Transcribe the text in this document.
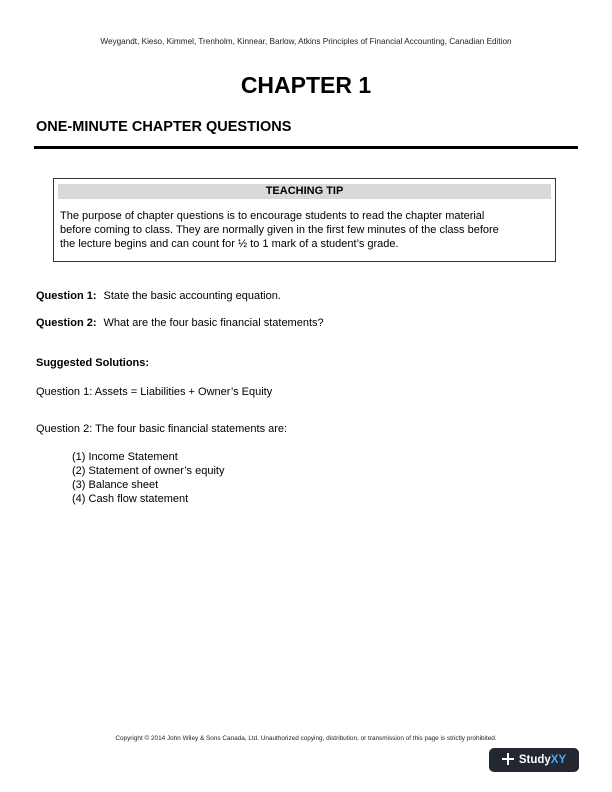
Weygandt, Kieso, Kimmel, Trenholm, Kinnear, Barlow, Atkins Principles of Financial Accounting, Canadian Edition
CHAPTER 1
ONE-MINUTE CHAPTER QUESTIONS
TEACHING TIP
The purpose of chapter questions is to encourage students to read the chapter material
before coming to class. They are normally given in the first few minutes of the class before
the lecture begins and can count for ½ to 1 mark of a student’s grade.
Question 1: State the basic accounting equation.
Question 2: What are the four basic financial statements?
Suggested Solutions:
Question 1: Assets = Liabilities + Owner’s Equity
Question 2: The four basic financial statements are:
(1) Income Statement
(2) Statement of owner’s equity
(3) Balance sheet
(4) Cash flow statement
Copyright © 2014 John Wiley & Sons Canada, Ltd. Unauthorized copying, distribution, or transmission of this page is strictly prohibited.
StudyXY
